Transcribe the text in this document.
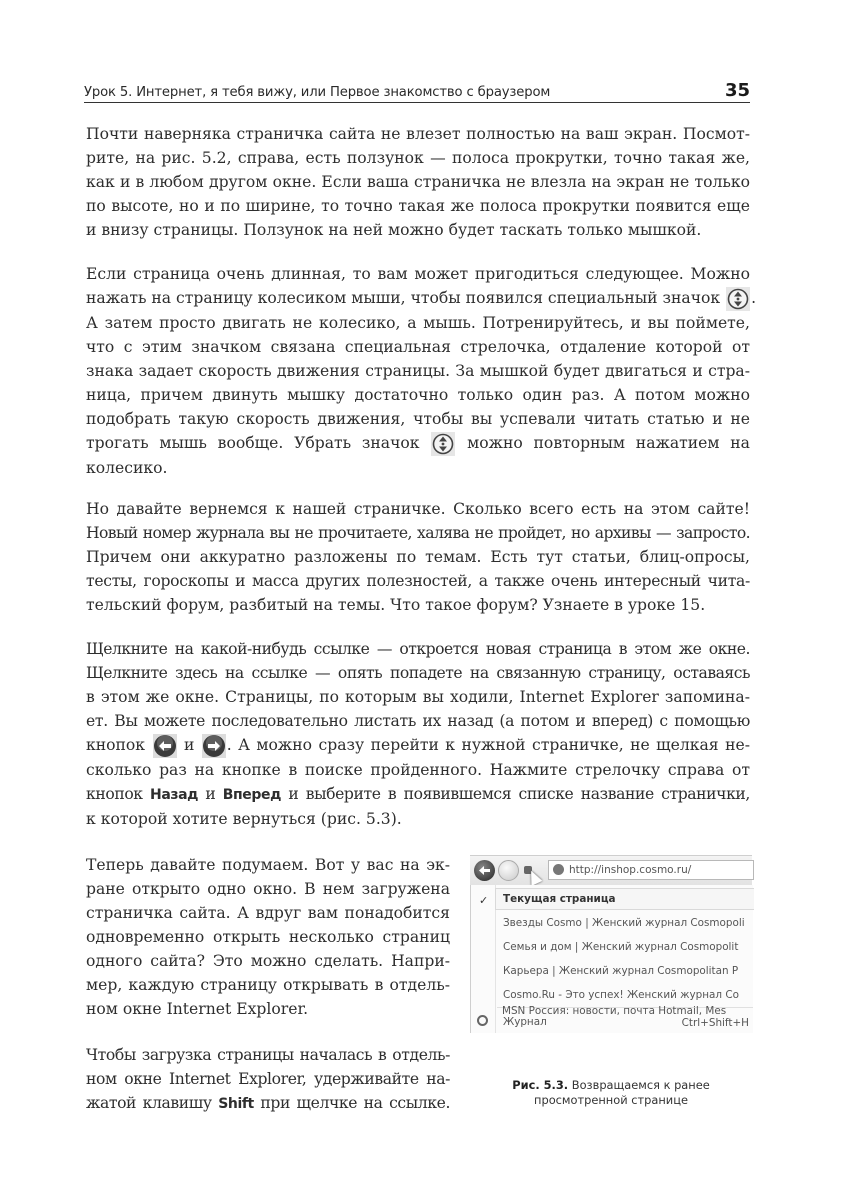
Урок 5. Интернет, я тебя вижу, или Первое знакомство с браузером	35
Почти наверняка страничка сайта не влезет полностью на ваш экран. Посмот-
рите, на рис. 5.2, справа, есть ползунок — полоса прокрутки, точно такая же,
как и в любом другом окне. Если ваша страничка не влезла на экран не только
по высоте, но и по ширине, то точно такая же полоса прокрутки появится еще
и внизу страницы. Ползунок на ней можно будет таскать только мышкой.
Если страница очень длинная, то вам может пригодиться следующее. Можно
нажать на страницу колесиком мыши, чтобы появился специальный значок .
А затем просто двигать не колесико, а мышь. Потренируйтесь, и вы поймете,
что с этим значком связана специальная стрелочка, отдаление которой от
знака задает скорость движения страницы. За мышкой будет двигаться и стра-
ница, причем двинуть мышку достаточно только один раз. А потом можно
подобрать такую скорость движения, чтобы вы успевали читать статью и не
трогать мышь вообще. Убрать значок	можно повторным нажатием на
колесико.
Но давайте вернемся к нашей страничке. Сколько всего есть на этом сайте!
Новый номер журнала вы не прочитаете, халява не пройдет, но архивы — запросто.
Причем они аккуратно разложены по темам. Есть тут статьи, блиц-опросы,
тесты, гороскопы и масса других полезностей, а также очень интересный чита-
тельский форум, разбитый на темы. Что такое форум? Узнаете в уроке 15.
Щелкните на какой-нибудь ссылке — откроется новая страница в этом же окне.
Щелкните здесь на ссылке — опять попадете на связанную страницу, оставаясь
в этом же окне. Страницы, по которым вы ходили, Internet Explorer запомина-
ет. Вы можете последовательно листать их назад (а потом и вперед) с помощью
кнопок и . А можно сразу перейти к нужной страничке, не щелкая не-
сколько раз на кнопке в поиске пройденного. Нажмите стрелочку справа от
кнопок Назад и Вперед и выберите в появившемся списке название странички,
к которой хотите вернуться (рис. 5.3).
Теперь давайте подумаем. Вот у вас на эк-
ране открыто одно окно. В нем загружена
страничка сайта. А вдруг вам понадобится
одновременно открыть несколько страниц
одного сайта? Это можно сделать. Напри-
мер, каждую страницу открывать в отдель-
ном окне Internet Explorer.
Чтобы загрузка страницы началась в отдель-
ном окне Internet Explorer, удерживайте на-
жатой клавишу Shift при щелчке на ссылке.
http://inshop.cosmo.ru/
✓ Текущая страница
Звезды Cosmo | Женский журнал Cosmopoli
Семья и дом | Женский журнал Cosmopolit
Карьера | Женский журнал Cosmopolitan P
Cosmo.Ru - Это успех! Женский журнал Co
Журнал	Ctrl+Shift+H
MSN Россия: новости, почта Hotmail, Mes
Рис. 5.3. Возвращаемся к ранее
просмотренной странице
